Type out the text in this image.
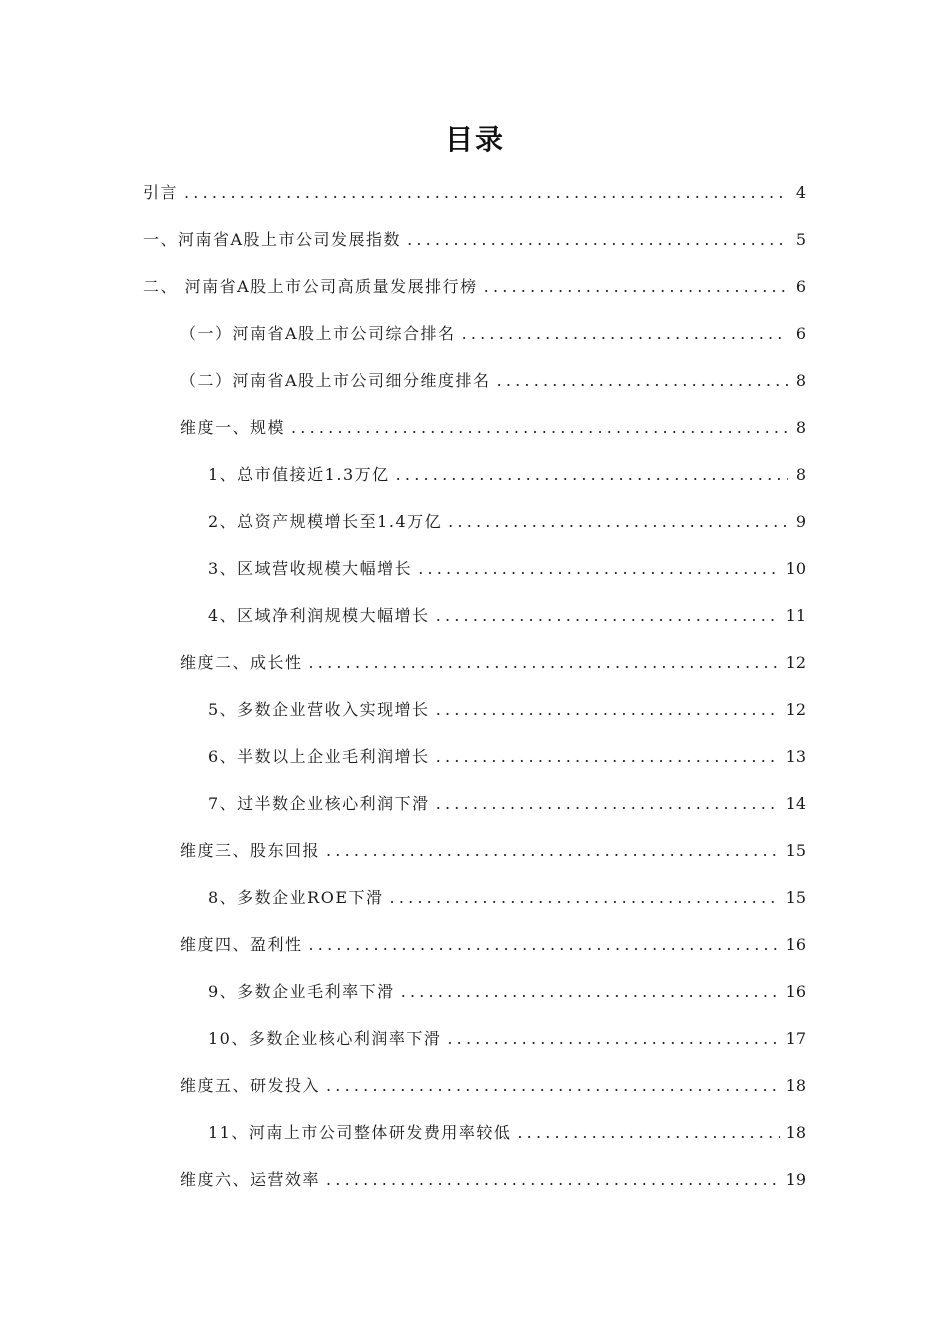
目录
引言 .....	4
一、河南省A股上市公司发展指数 .....	5
二、 河南省A股上市公司高质量发展排行榜 .....	6
（一）河南省A股上市公司综合排名 .....	6
（二）河南省A股上市公司细分维度排名 .....	8
维度一、规模 .....	8
1、总市值接近1.3万亿 .....	8
2、总资产规模增长至1.4万亿 .....	9
3、区域营收规模大幅增长 .....	10
4、区域净利润规模大幅增长 .....	11
维度二、成长性 .....	12
5、多数企业营收入实现增长 .....	12
6、半数以上企业毛利润增长 .....	13
7、过半数企业核心利润下滑 .....	14
维度三、股东回报 .....	15
8、多数企业ROE下滑 .....	15
维度四、盈利性 .....	16
9、多数企业毛利率下滑 .....	16
10、多数企业核心利润率下滑 .....	17
维度五、研发投入 .....	18
11、河南上市公司整体研发费用率较低 .....	18
维度六、运营效率 .....	19
